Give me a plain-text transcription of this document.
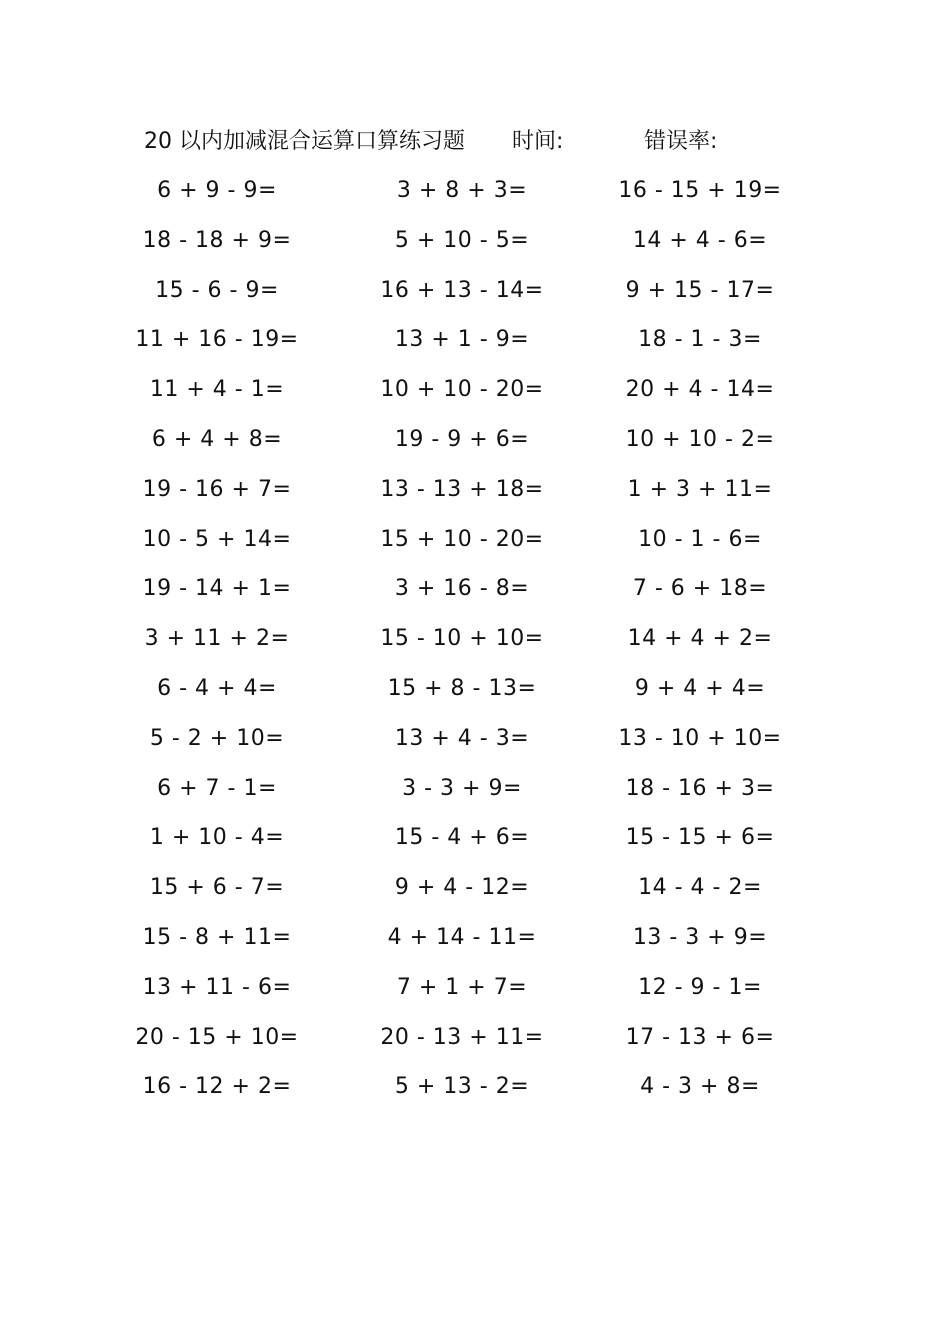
20 以内加减混合运算口算练习题 时间:	错误率:
6 + 9 - 9=	3 + 8 + 3=	16 - 15 + 19=
18 - 18 + 9=	5 + 10 - 5=	14 + 4 - 6=
15 - 6 - 9=	16 + 13 - 14=	9 + 15 - 17=
11 + 16 - 19=	13 + 1 - 9=	18 - 1 - 3=
11 + 4 - 1=	10 + 10 - 20=	20 + 4 - 14=
6 + 4 + 8=	19 - 9 + 6=	10 + 10 - 2=
19 - 16 + 7=	13 - 13 + 18=	1 + 3 + 11=
10 - 5 + 14=	15 + 10 - 20=	10 - 1 - 6=
19 - 14 + 1=	3 + 16 - 8=	7 - 6 + 18=
3 + 11 + 2=	15 - 10 + 10=	14 + 4 + 2=
6 - 4 + 4=	15 + 8 - 13=	9 + 4 + 4=
5 - 2 + 10=	13 + 4 - 3=	13 - 10 + 10=
6 + 7 - 1=	3 - 3 + 9=	18 - 16 + 3=
1 + 10 - 4=	15 - 4 + 6=	15 - 15 + 6=
15 + 6 - 7=	9 + 4 - 12=	14 - 4 - 2=
15 - 8 + 11=	4 + 14 - 11=	13 - 3 + 9=
13 + 11 - 6=	7 + 1 + 7=	12 - 9 - 1=
20 - 15 + 10=	20 - 13 + 11=	17 - 13 + 6=
16 - 12 + 2=	5 + 13 - 2=	4 - 3 + 8=
